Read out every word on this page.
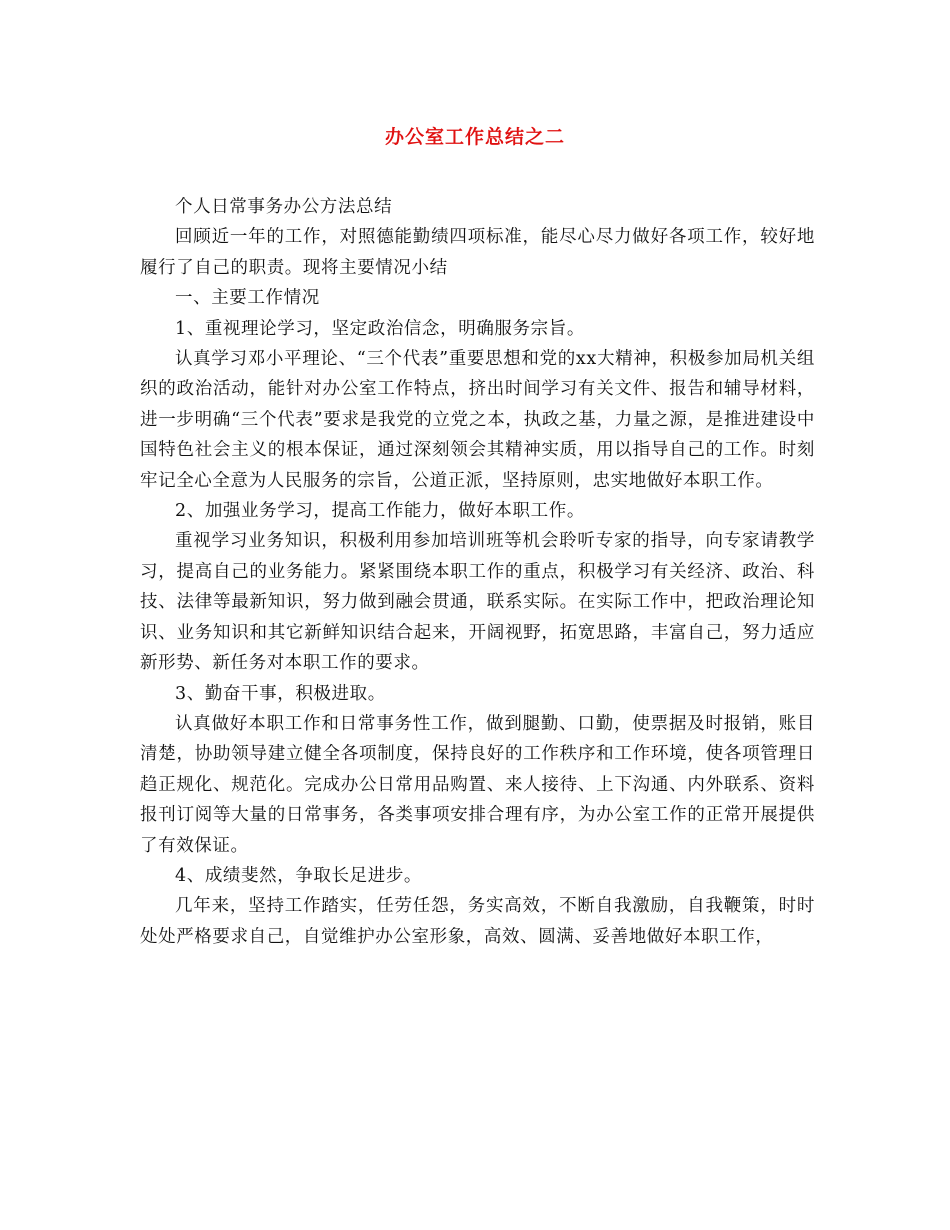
办公室工作总结之二

个人日常事务办公方法总结

回顾近一年的工作，对照德能勤绩四项标准，能尽心尽力做好各项工作，较好地履行了自己的职责。现将主要情况小结

一、主要工作情况

1、重视理论学习，坚定政治信念，明确服务宗旨。

认真学习邓小平理论、“三个代表”重要思想和党的xx大精神，积极参加局机关组织的政治活动，能针对办公室工作特点，挤出时间学习有关文件、报告和辅导材料，进一步明确“三个代表”要求是我党的立党之本，执政之基，力量之源，是推进建设中国特色社会主义的根本保证，通过深刻领会其精神实质，用以指导自己的工作。时刻牢记全心全意为人民服务的宗旨，公道正派，坚持原则，忠实地做好本职工作。

2、加强业务学习，提高工作能力，做好本职工作。

重视学习业务知识，积极利用参加培训班等机会聆听专家的指导，向专家请教学习，提高自己的业务能力。紧紧围绕本职工作的重点，积极学习有关经济、政治、科技、法律等最新知识，努力做到融会贯通，联系实际。在实际工作中，把政治理论知识、业务知识和其它新鲜知识结合起来，开阔视野，拓宽思路，丰富自己，努力适应新形势、新任务对本职工作的要求。

3、勤奋干事，积极进取。

认真做好本职工作和日常事务性工作，做到腿勤、口勤，使票据及时报销，账目清楚，协助领导建立健全各项制度，保持良好的工作秩序和工作环境，使各项管理日趋正规化、规范化。完成办公日常用品购置、来人接待、上下沟通、内外联系、资料报刊订阅等大量的日常事务，各类事项安排合理有序，为办公室工作的正常开展提供了有效保证。

4、成绩斐然，争取长足进步。

几年来，坚持工作踏实，任劳任怨，务实高效，不断自我激励，自我鞭策，时时处处严格要求自己，自觉维护办公室形象，高效、圆满、妥善地做好本职工作，
